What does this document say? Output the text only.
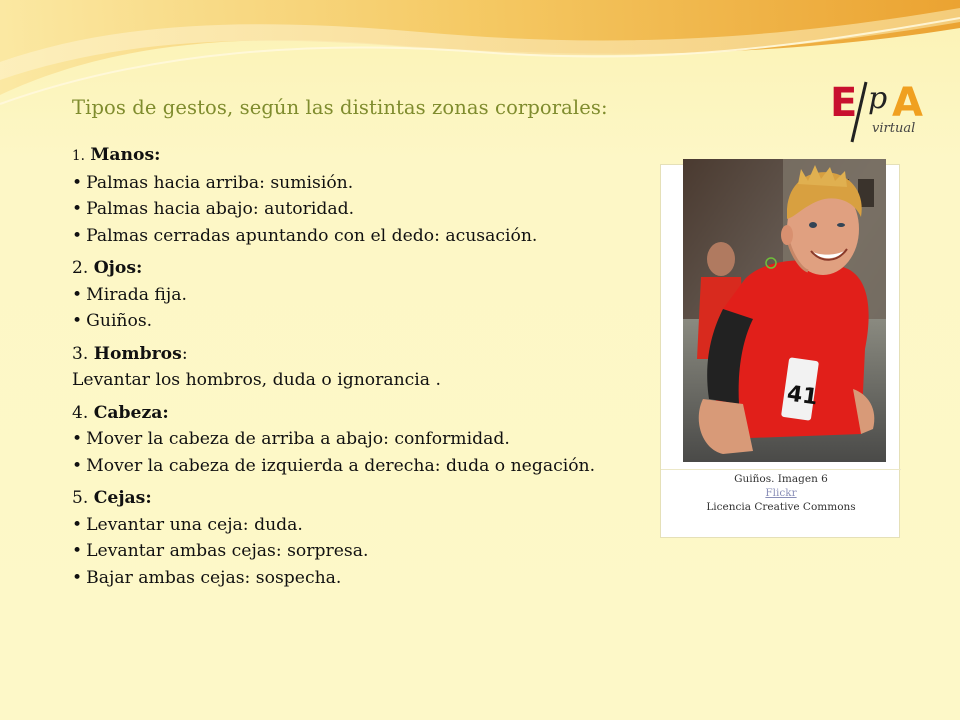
E p A
virtual
Tipos de gestos, según las distintas zonas corporales:
1. Manos:
• Palmas hacia arriba: sumisión.
• Palmas hacia abajo: autoridad.
• Palmas cerradas apuntando con el dedo: acusación.
2. Ojos:
• Mirada fija.
• Guiños.
3. Hombros:
Levantar los hombros, duda o ignorancia .
4. Cabeza:
• Mover la cabeza de arriba a abajo: conformidad.
• Mover la cabeza de izquierda a derecha: duda o negación.
5. Cejas:
• Levantar una ceja: duda.
• Levantar ambas cejas: sorpresa.
• Bajar ambas cejas: sospecha.
41
Guiños. Imagen 6
Flickr
Licencia Creative Commons
